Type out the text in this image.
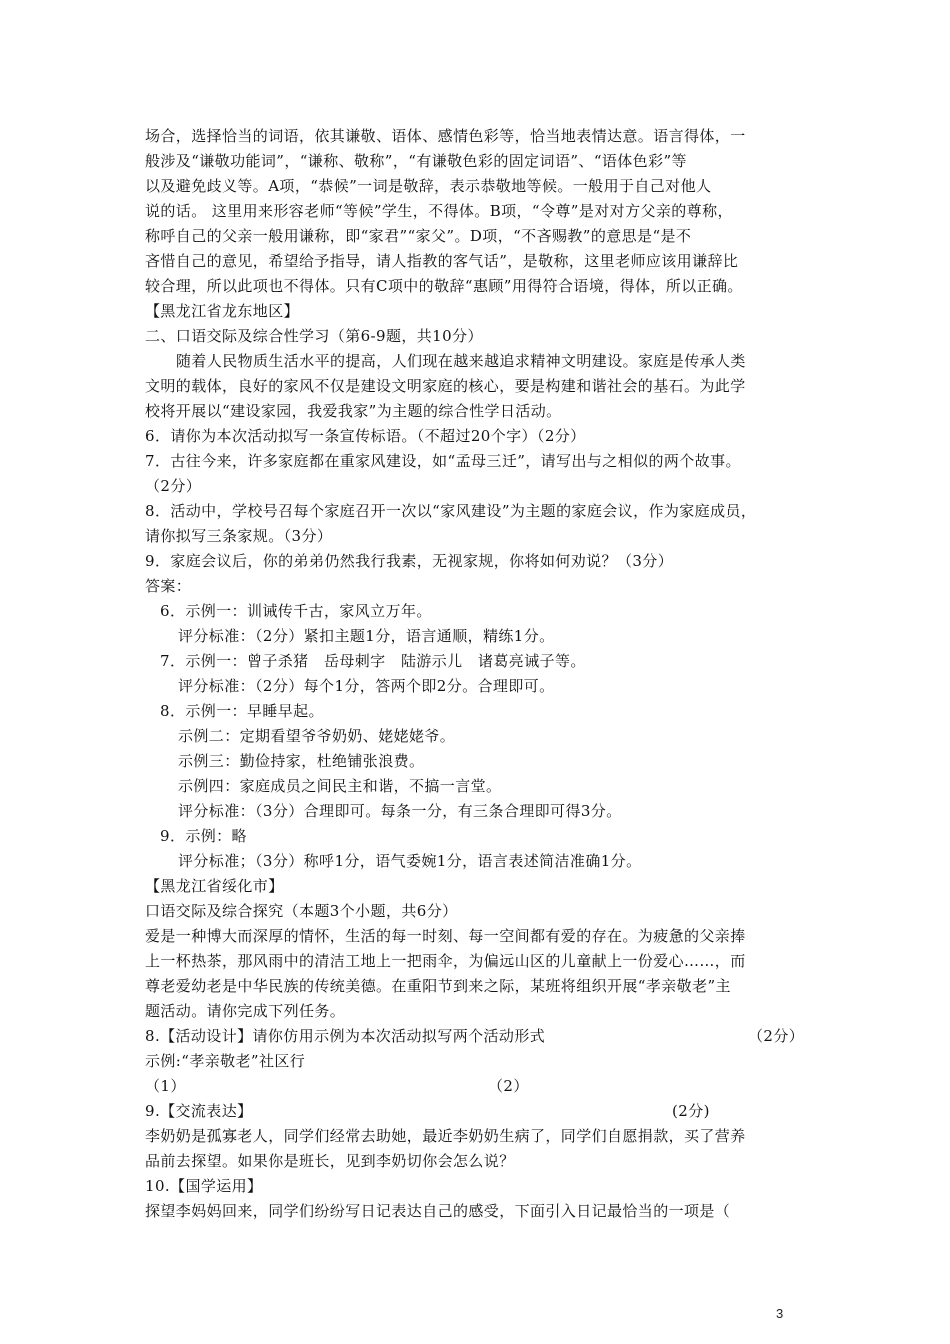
场合，选择恰当的词语，依其谦敬、语体、感情色彩等，恰当地表情达意。语言得体，一
般涉及“谦敬功能词”，“谦称、敬称”，“有谦敬色彩的固定词语”、“语体色彩”等
以及避免歧义等。A项，“恭候”一词是敬辞，表示恭敬地等候。一般用于自己对他人
说的话。 这里用来形容老师“等候”学生，不得体。B项，“令尊”是对对方父亲的尊称，
称呼自己的父亲一般用谦称，即“家君”“家父”。D项，“不吝赐教”的意思是“是不
吝惜自己的意见，希望给予指导，请人指教的客气话”，是敬称，这里老师应该用谦辞比
较合理，所以此项也不得体。只有C项中的敬辞“惠顾”用得符合语境，得体，所以正确。
【黑龙江省龙东地区】
二、口语交际及综合性学习（第6-9题，共10分）
随着人民物质生活水平的提高，人们现在越来越追求精神文明建设。家庭是传承人类
文明的载体，良好的家风不仅是建设文明家庭的核心，要是构建和谐社会的基石。为此学
校将开展以“建设家园，我爱我家”为主题的综合性学日活动。
6．请你为本次活动拟写一条宣传标语。（不超过20个字）（2分）
7．古往今来，许多家庭都在重家风建设，如“孟母三迁”，请写出与之相似的两个故事。
（2分）
8．活动中，学校号召每个家庭召开一次以“家风建设”为主题的家庭会议，作为家庭成员，
请你拟写三条家规。（3分）
9．家庭会议后，你的弟弟仍然我行我素，无视家规，你将如何劝说？（3分）
答案：
6．示例一：训诫传千古，家风立万年。
评分标准：（2分）紧扣主题1分，语言通顺，精练1分。
7．示例一：曾子杀猪　岳母刺字　陆游示儿　诸葛亮诫子等。
评分标准：（2分）每个1分，答两个即2分。合理即可。
8．示例一：早睡早起。
示例二：定期看望爷爷奶奶、姥姥姥爷。
示例三：勤俭持家，杜绝铺张浪费。
示例四：家庭成员之间民主和谐，不搞一言堂。
评分标准：（3分）合理即可。每条一分，有三条合理即可得3分。
9．示例：略
评分标准；（3分）称呼1分，语气委婉1分，语言表述简洁准确1分。
【黑龙江省绥化市】
口语交际及综合探究（本题3个小题，共6分）
爱是一种博大而深厚的情怀，生活的每一时刻、每一空间都有爱的存在。为疲惫的父亲捧
上一杯热茶，那风雨中的清洁工地上一把雨伞，为偏远山区的儿童献上一份爱心……，而
尊老爱幼老是中华民族的传统美德。在重阳节到来之际，某班将组织开展“孝亲敬老”主
题活动。请你完成下列任务。
8.【活动设计】请你仿用示例为本次活动拟写两个活动形式	（2分）
示例:“孝亲敬老”社区行
（1）	（2）
9.【交流表达】	(2分)
李奶奶是孤寡老人，同学们经常去助她，最近李奶奶生病了，同学们自愿捐款，买了营养
品前去探望。如果你是班长，见到李奶切你会怎么说？
10.【国学运用】
探望李妈妈回来，同学们纷纷写日记表达自己的感受，下面引入日记最恰当的一项是（
3
